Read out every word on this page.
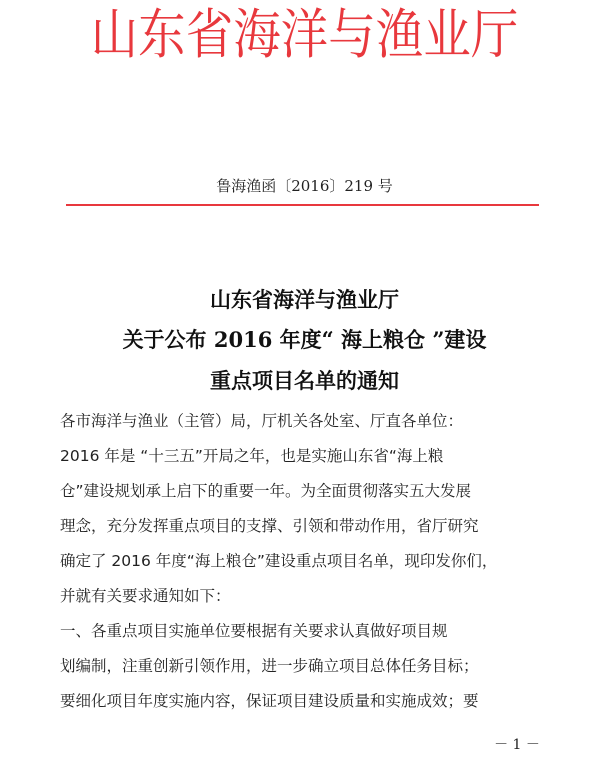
山东省海洋与渔业厅
鲁海渔函〔2016〕219 号
山东省海洋与渔业厅
关于公布 2016 年度“ 海上粮仓 ”建设
重点项目名单的通知
各市海洋与渔业（主管）局，厅机关各处室、厅直各单位：
2016 年是 “十三五”开局之年，也是实施山东省“海上粮
仓”建设规划承上启下的重要一年。为全面贯彻落实五大发展
理念，充分发挥重点项目的支撑、引领和带动作用，省厅研究
确定了 2016 年度“海上粮仓”建设重点项目名单，现印发你们，
并就有关要求通知如下：
一、各重点项目实施单位要根据有关要求认真做好项目规
划编制，注重创新引领作用，进一步确立项目总体任务目标；
要细化项目年度实施内容，保证项目建设质量和实施成效；要
－ 1 －
